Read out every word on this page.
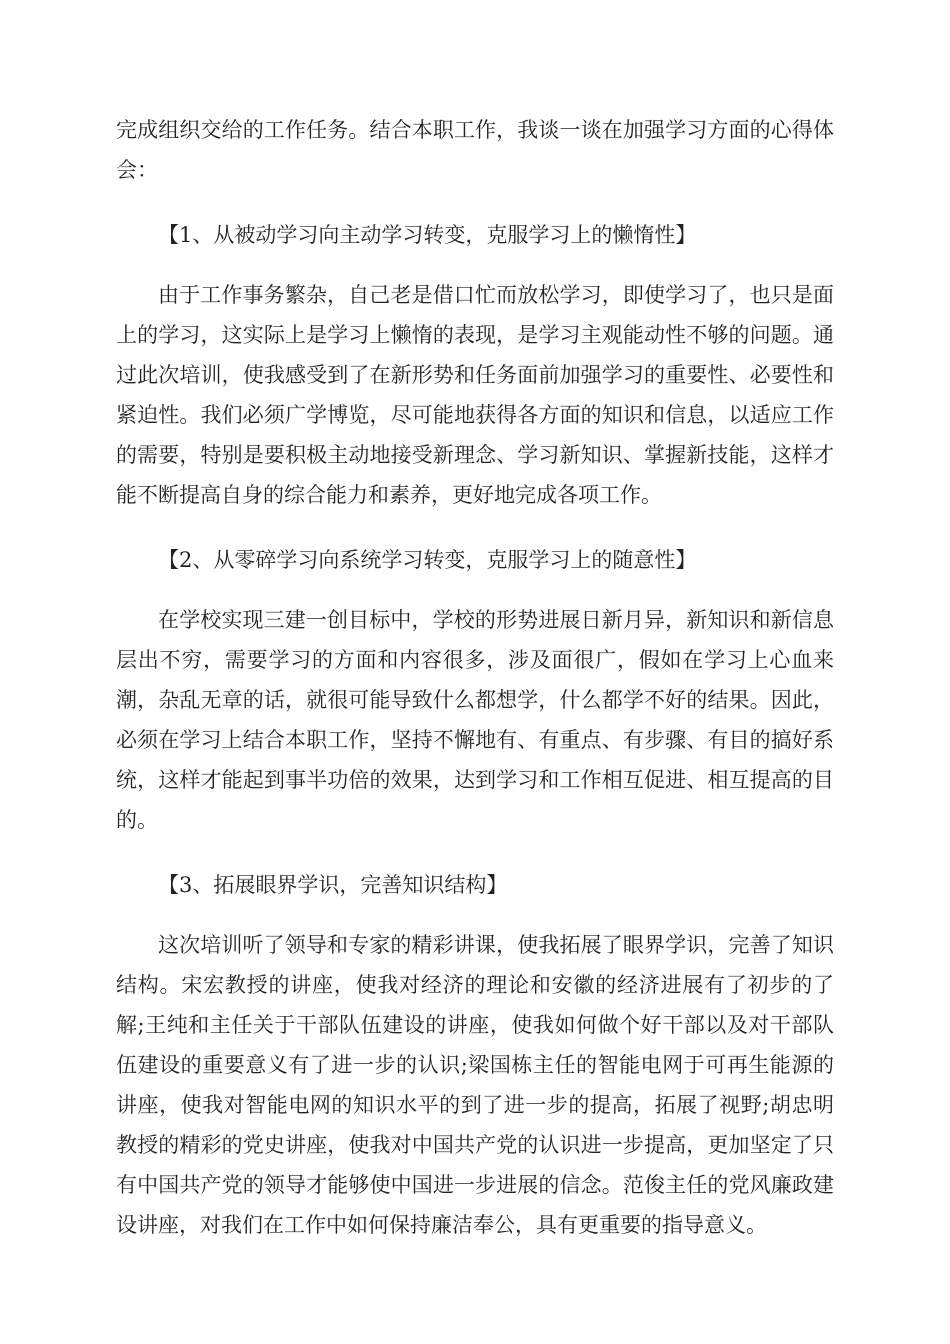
完成组织交给的工作任务。结合本职工作，我谈一谈在加强学习方面的心得体会：

【1、从被动学习向主动学习转变，克服学习上的懒惰性】

由于工作事务繁杂，自己老是借口忙而放松学习，即使学习了，也只是面上的学习，这实际上是学习上懒惰的表现，是学习主观能动性不够的问题。通过此次培训，使我感受到了在新形势和任务面前加强学习的重要性、必要性和紧迫性。我们必须广学博览，尽可能地获得各方面的知识和信息，以适应工作的需要，特别是要积极主动地接受新理念、学习新知识、掌握新技能，这样才能不断提高自身的综合能力和素养，更好地完成各项工作。

【2、从零碎学习向系统学习转变，克服学习上的随意性】

在学校实现三建一创目标中，学校的形势进展日新月异，新知识和新信息层出不穷，需要学习的方面和内容很多，涉及面很广，假如在学习上心血来潮，杂乱无章的话，就很可能导致什么都想学，什么都学不好的结果。因此，必须在学习上结合本职工作，坚持不懈地有、有重点、有步骤、有目的搞好系统，这样才能起到事半功倍的效果，达到学习和工作相互促进、相互提高的目的。

【3、拓展眼界学识，完善知识结构】

这次培训听了领导和专家的精彩讲课，使我拓展了眼界学识，完善了知识结构。宋宏教授的讲座，使我对经济的理论和安徽的经济进展有了初步的了解;王纯和主任关于干部队伍建设的讲座，使我如何做个好干部以及对干部队伍建设的重要意义有了进一步的认识;梁国栋主任的智能电网于可再生能源的讲座，使我对智能电网的知识水平的到了进一步的提高，拓展了视野;胡忠明教授的精彩的党史讲座，使我对中国共产党的认识进一步提高，更加坚定了只有中国共产党的领导才能够使中国进一步进展的信念。范俊主任的党风廉政建设讲座，对我们在工作中如何保持廉洁奉公，具有更重要的指导意义。
